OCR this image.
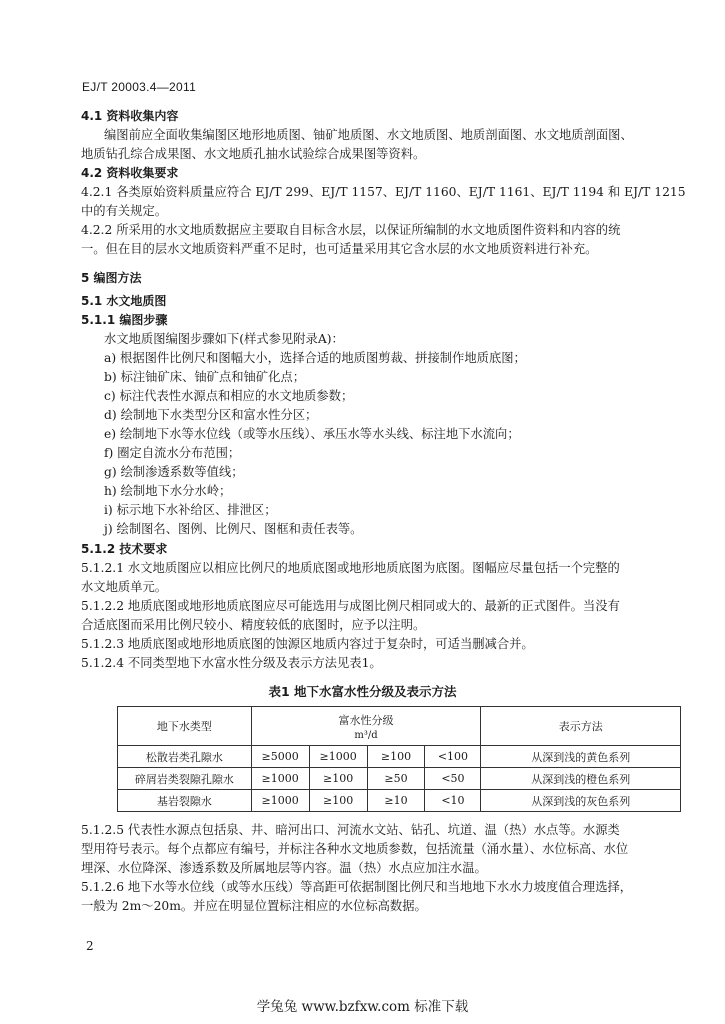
EJ/T 20003.4—2011
4.1 资料收集内容
编图前应全面收集编图区地形地质图、铀矿地质图、水文地质图、地质剖面图、水文地质剖面图、
地质钻孔综合成果图、水文地质孔抽水试验综合成果图等资料。
4.2 资料收集要求
4.2.1 各类原始资料质量应符合 EJ/T 299、EJ/T 1157、EJ/T 1160、EJ/T 1161、EJ/T 1194 和 EJ/T 1215
中的有关规定。
4.2.2 所采用的水文地质数据应主要取自目标含水层，以保证所编制的水文地质图件资料和内容的统
一。但在目的层水文地质资料严重不足时，也可适量采用其它含水层的水文地质资料进行补充。
5 编图方法
5.1 水文地质图
5.1.1 编图步骤
水文地质图编图步骤如下(样式参见附录A)：
a) 根据图件比例尺和图幅大小，选择合适的地质图剪裁、拼接制作地质底图；
b) 标注铀矿床、铀矿点和铀矿化点；
c) 标注代表性水源点和相应的水文地质参数；
d) 绘制地下水类型分区和富水性分区；
e) 绘制地下水等水位线（或等水压线）、承压水等水头线、标注地下水流向；
f) 圈定自流水分布范围；
g) 绘制渗透系数等值线；
h) 绘制地下水分水岭；
i) 标示地下水补给区、排泄区；
j) 绘制图名、图例、比例尺、图框和责任表等。
5.1.2 技术要求
5.1.2.1 水文地质图应以相应比例尺的地质底图或地形地质底图为底图。图幅应尽量包括一个完整的
水文地质单元。
5.1.2.2 地质底图或地形地质底图应尽可能选用与成图比例尺相同或大的、最新的正式图件。当没有
合适底图而采用比例尺较小、精度较低的底图时，应予以注明。
5.1.2.3 地质底图或地形地质底图的蚀源区地质内容过于复杂时，可适当删减合并。
5.1.2.4 不同类型地下水富水性分级及表示方法见表1。
5.1.2.5 代表性水源点包括泉、井、暗河出口、河流水文站、钻孔、坑道、温（热）水点等。水源类
型用符号表示。每个点都应有编号，并标注各种水文地质参数，包括流量（涌水量）、水位标高、水位
埋深、水位降深、渗透系数及所属地层等内容。温（热）水点应加注水温。
5.1.2.6 地下水等水位线（或等水压线）等高距可依据制图比例尺和当地地下水水力坡度值合理选择，
一般为 2m～20m。并应在明显位置标注相应的水位标高数据。
表1 地下水富水性分级及表示方法
地下水类型	富水性分级
m³/d				表示方法
松散岩类孔隙水	≥5000	≥1000	≥100	<100	从深到浅的黄色系列
碎屑岩类裂隙孔隙水	≥1000	≥100	≥50	<50	从深到浅的橙色系列
基岩裂隙水	≥1000	≥100	≥10	<10	从深到浅的灰色系列
2
学兔兔 www.bzfxw.com 标准下载
